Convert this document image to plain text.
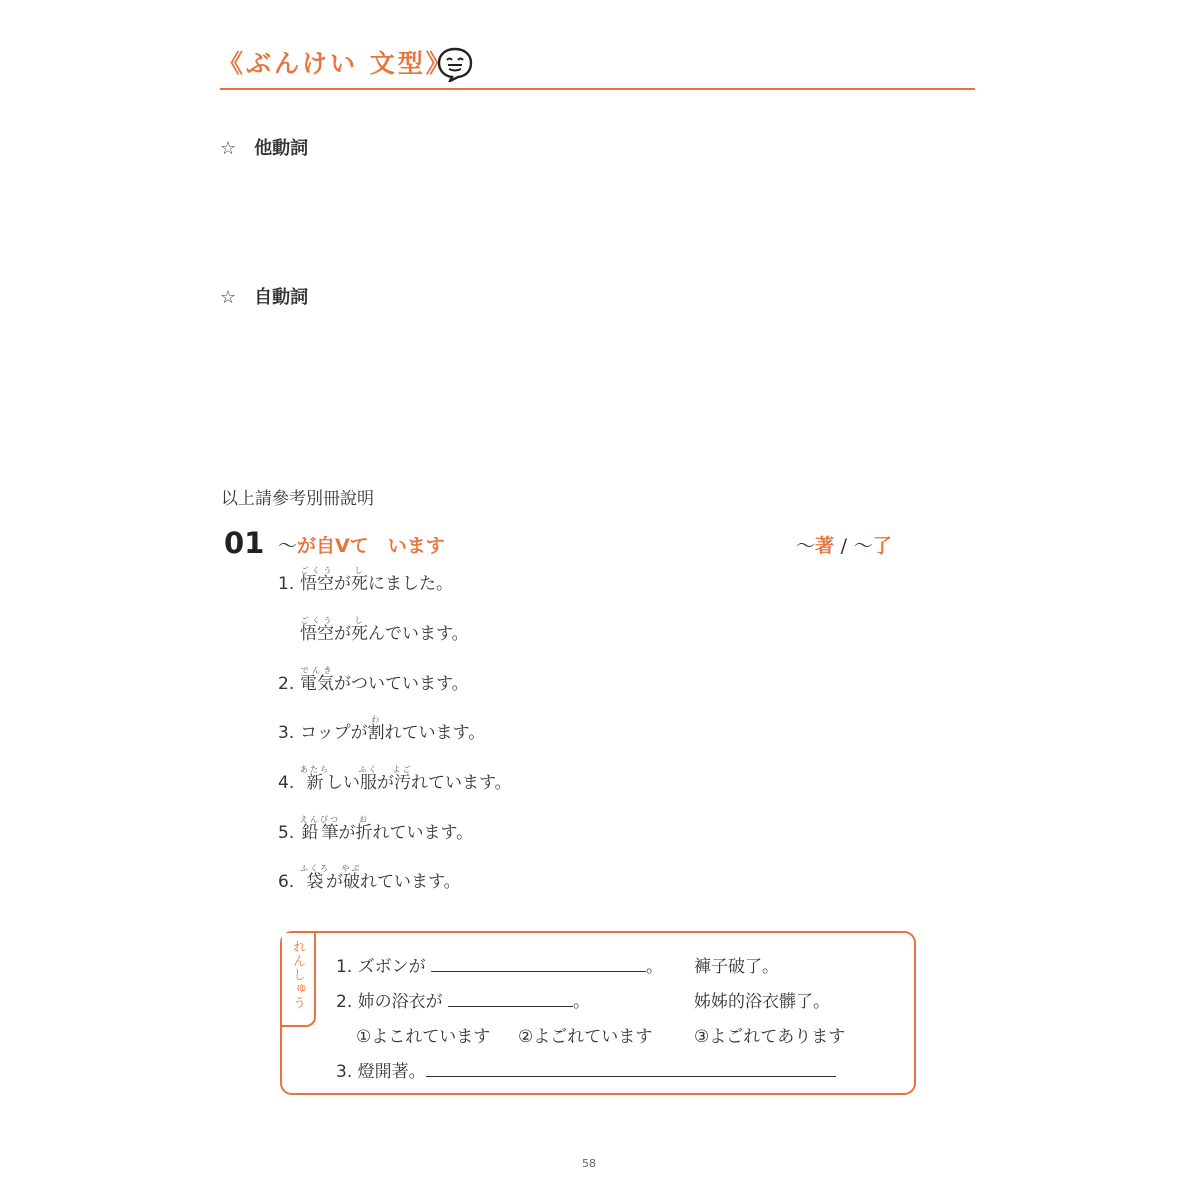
《ぶんけい 文型》
☆ 他動詞
☆ 自動詞
以上請參考別冊說明
01 ～が自Vて　います	～著 / ～了
1. 悟空ごくうが死しにました。
悟空ごくうが死しんでいます。
2. 電気でんきがついています。
3. コップが割われています。
4. 新あたらしい服ふくが汚よごれています。
5. 鉛筆えんぴつが折おれています。
6. 袋ふくろが破やぶれています。
れんしゅう 1. ズボンが	。 褲子破了。
2. 姉の浴衣が	。	姊姊的浴衣髒了。
①よこれています ②よごれています ③よごれてあります
3. 燈開著。
58
